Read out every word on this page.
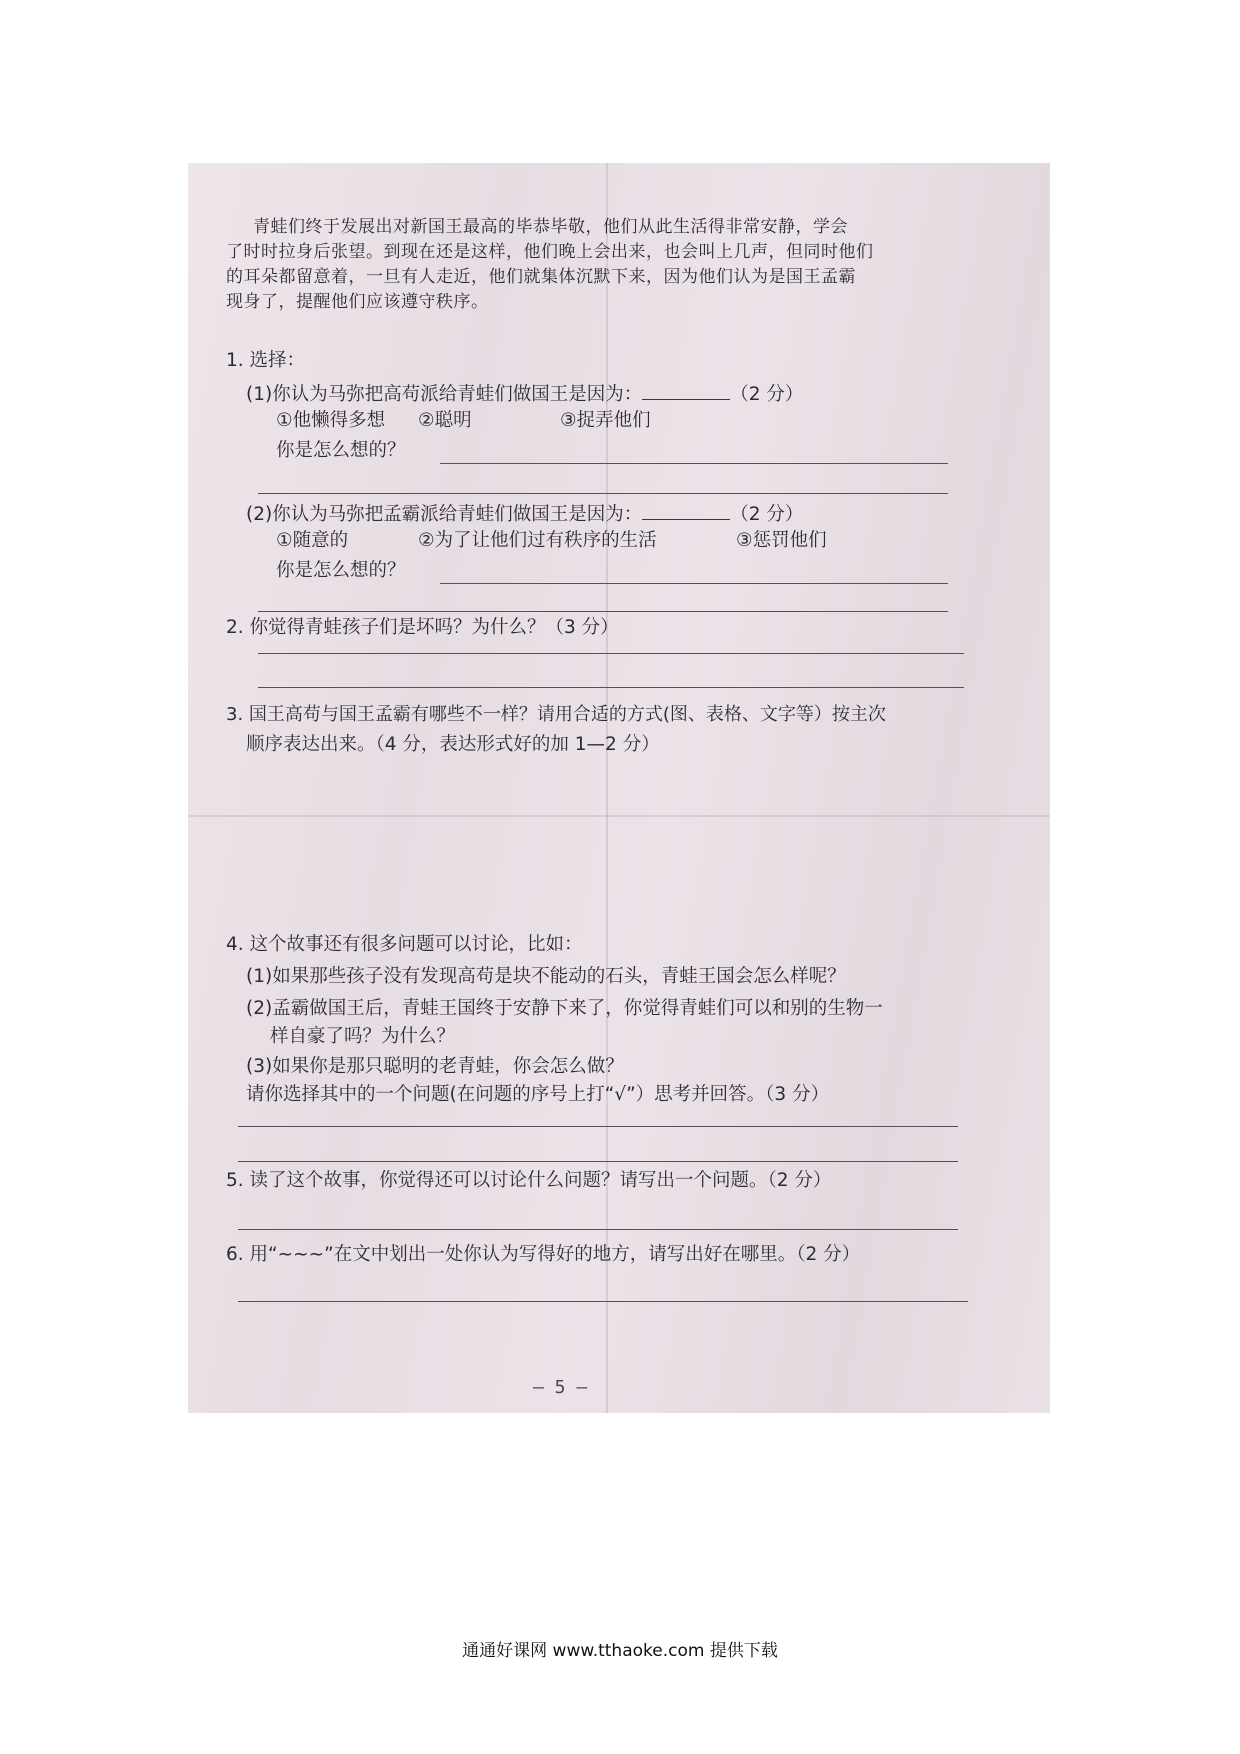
青蛙们终于发展出对新国王最高的毕恭毕敬，他们从此生活得非常安静，学会
了时时拉身后张望。到现在还是这样，他们晚上会出来，也会叫上几声，但同时他们
的耳朵都留意着，一旦有人走近，他们就集体沉默下来，因为他们认为是国王孟霸
现身了，提醒他们应该遵守秩序。
1. 选择：
(1)你认为马弥把高苟派给青蛙们做国王是因为：	（2 分）
①他懒得多想 ②聪明	③捉弄他们
你是怎么想的？
(2)你认为马弥把孟霸派给青蛙们做国王是因为：	（2 分）
①随意的	②为了让他们过有秩序的生活	③惩罚他们
你是怎么想的？
2. 你觉得青蛙孩子们是坏吗？为什么？（3 分）
3. 国王高苟与国王孟霸有哪些不一样？请用合适的方式(图、表格、文字等）按主次
顺序表达出来。（4 分，表达形式好的加 1—2 分）
4. 这个故事还有很多问题可以讨论，比如：
(1)如果那些孩子没有发现高苟是块不能动的石头，青蛙王国会怎么样呢？
(2)孟霸做国王后，青蛙王国终于安静下来了，你觉得青蛙们可以和别的生物一
样自豪了吗？为什么？
(3)如果你是那只聪明的老青蛙，你会怎么做？
请你选择其中的一个问题(在问题的序号上打“√”）思考并回答。（3 分）
5. 读了这个故事，你觉得还可以讨论什么问题？请写出一个问题。（2 分）
6. 用“~~~”在文中划出一处你认为写得好的地方，请写出好在哪里。（2 分）
— 5 —
通通好课网 www.tthaoke.com 提供下载
